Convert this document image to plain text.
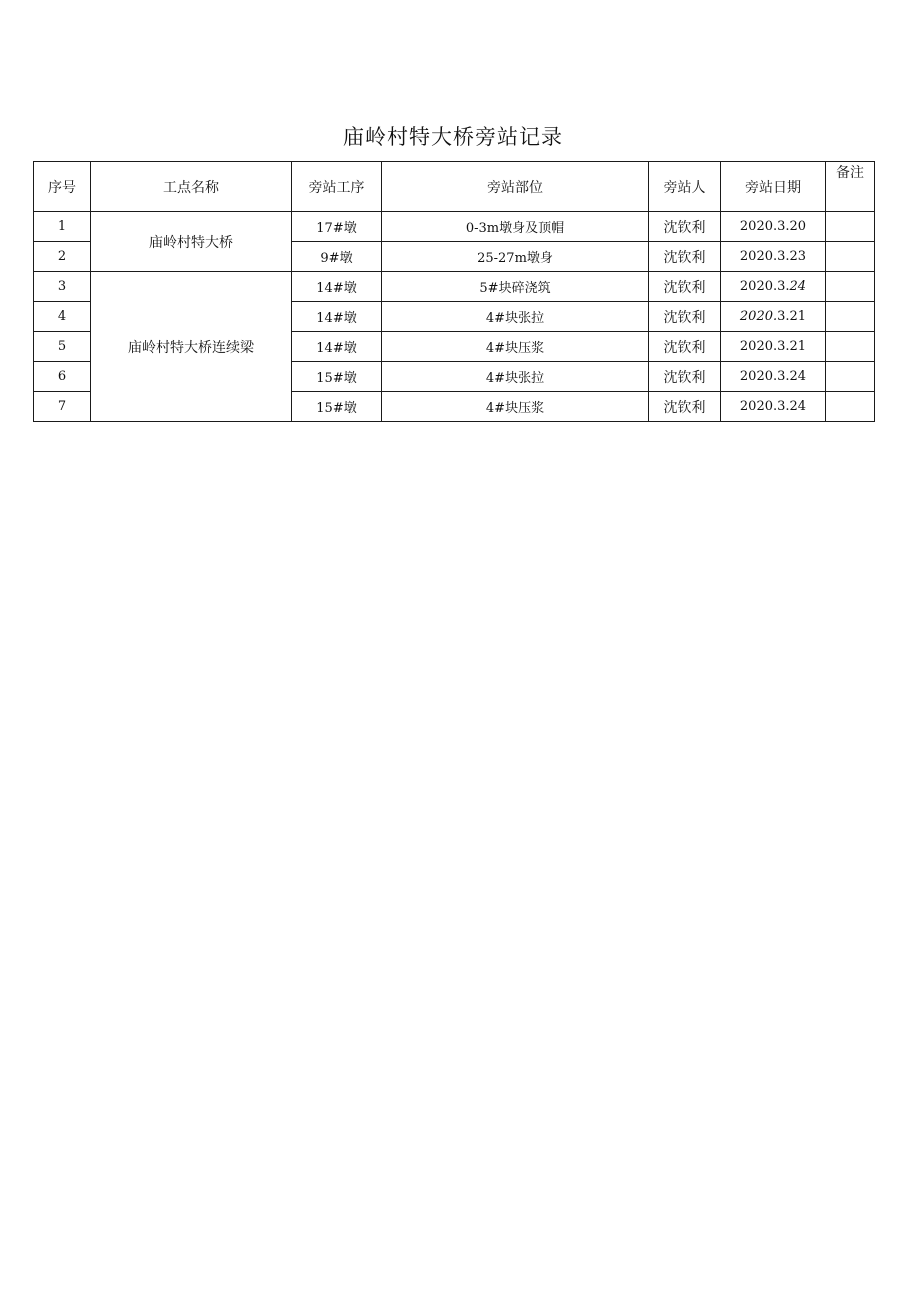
庙岭村特大桥旁站记录
序号	工点名称	旁站工序	旁站部位	旁站人	旁站日期	备注
1	庙岭村特大桥	17#墩	0-3m墩身及顶帽	沈钦利	2020.3.20	
2		9#墩	25-27m墩身	沈钦利	2020.3.23	
3	庙岭村特大桥连续梁	14#墩	5#块碎浇筑	沈钦利	2020.3.24	
4		14#墩	4#块张拉	沈钦利	2020.3.21	
5		14#墩	4#块压浆	沈钦利	2020.3.21	
6		15#墩	4#块张拉	沈钦利	2020.3.24	
7		15#墩	4#块压浆	沈钦利	2020.3.24	
